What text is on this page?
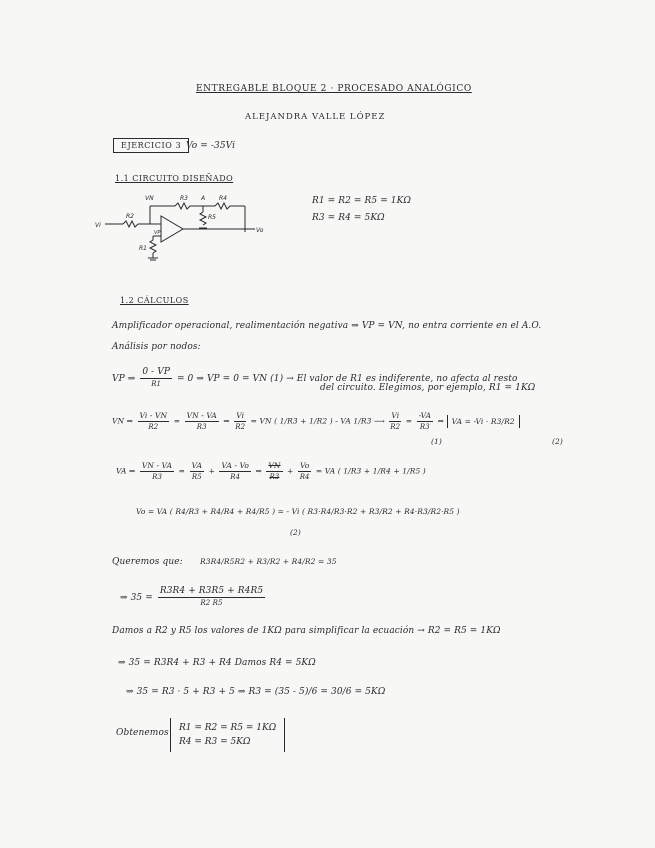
ENTREGABLE BLOQUE 2 · PROCESADO ANALÓGICO
ALEJANDRA VALLE LÓPEZ
EJERCICIO 3 Vo = -35Vi
1.1 CIRCUITO DISEÑADO
VN	R3 A R4
R5
R2
Vi
VP
R1
Vo
R1 = R2 = R5 = 1KΩ
R3 = R4 = 5KΩ
1.2 CÁLCULOS
Amplificador operacional, realimentación negativa ⇒ VP = VN, no entra corriente en el A.O.
Análisis por nodos:
VP ⇒ $\frac{0 - VP}{R1} = 0$ ⇒ VP = 0 = VN (1) → El valor de R1 es indiferente, no afecta al resto
del circuito. Elegimos, por ejemplo, R1 = 1KΩ
VN ⇒ $\frac{Vi - VN}{R2} = \frac{VN - VA}{R3}$ ⇒ $\frac{Vi}{R2}$ = VN ( 1/R3 + 1/R2 ) - VA 1/R3 ⟶ $\frac{Vi}{R2} = \frac{-VA}{R3}$ ⇒ VA = -Vi · R3/R2
(1)	(2)
VA ⇒ $\frac{VN - VA}{R3} = \frac{VA}{R5} + \frac{VA - Vo}{R4}$ ⇒ $\frac{VN}{R3} + \frac{Vo}{R4}$ = VA ( 1/R3 + 1/R4 + 1/R5 )
Vo = VA ( R4/R3 + R4/R4 + R4/R5 ) = - Vi ( R3·R4/R3·R2 + R3/R2 + R4·R3/R2·R5 )
(2)
Queremos que: R3R4/R5R2 + R3/R2 + R4/R2 = 35
⇒ $35 = \frac{R3R4 + R3R5 + R4R5}{R2 R5}$
Damos a R2 y R5 los valores de 1KΩ para simplificar la ecuación → R2 = R5 = 1KΩ
⇒ 35 = R3R4 + R3 + R4 Damos R4 = 5KΩ
⇒ 35 = R3 · 5 + R3 + 5 ⇒ R3 = (35 - 5)/6 = 30/6 = 5KΩ
Obtenemos R1 = R2 = R5 = 1KΩ
R4 = R3 = 5KΩ
